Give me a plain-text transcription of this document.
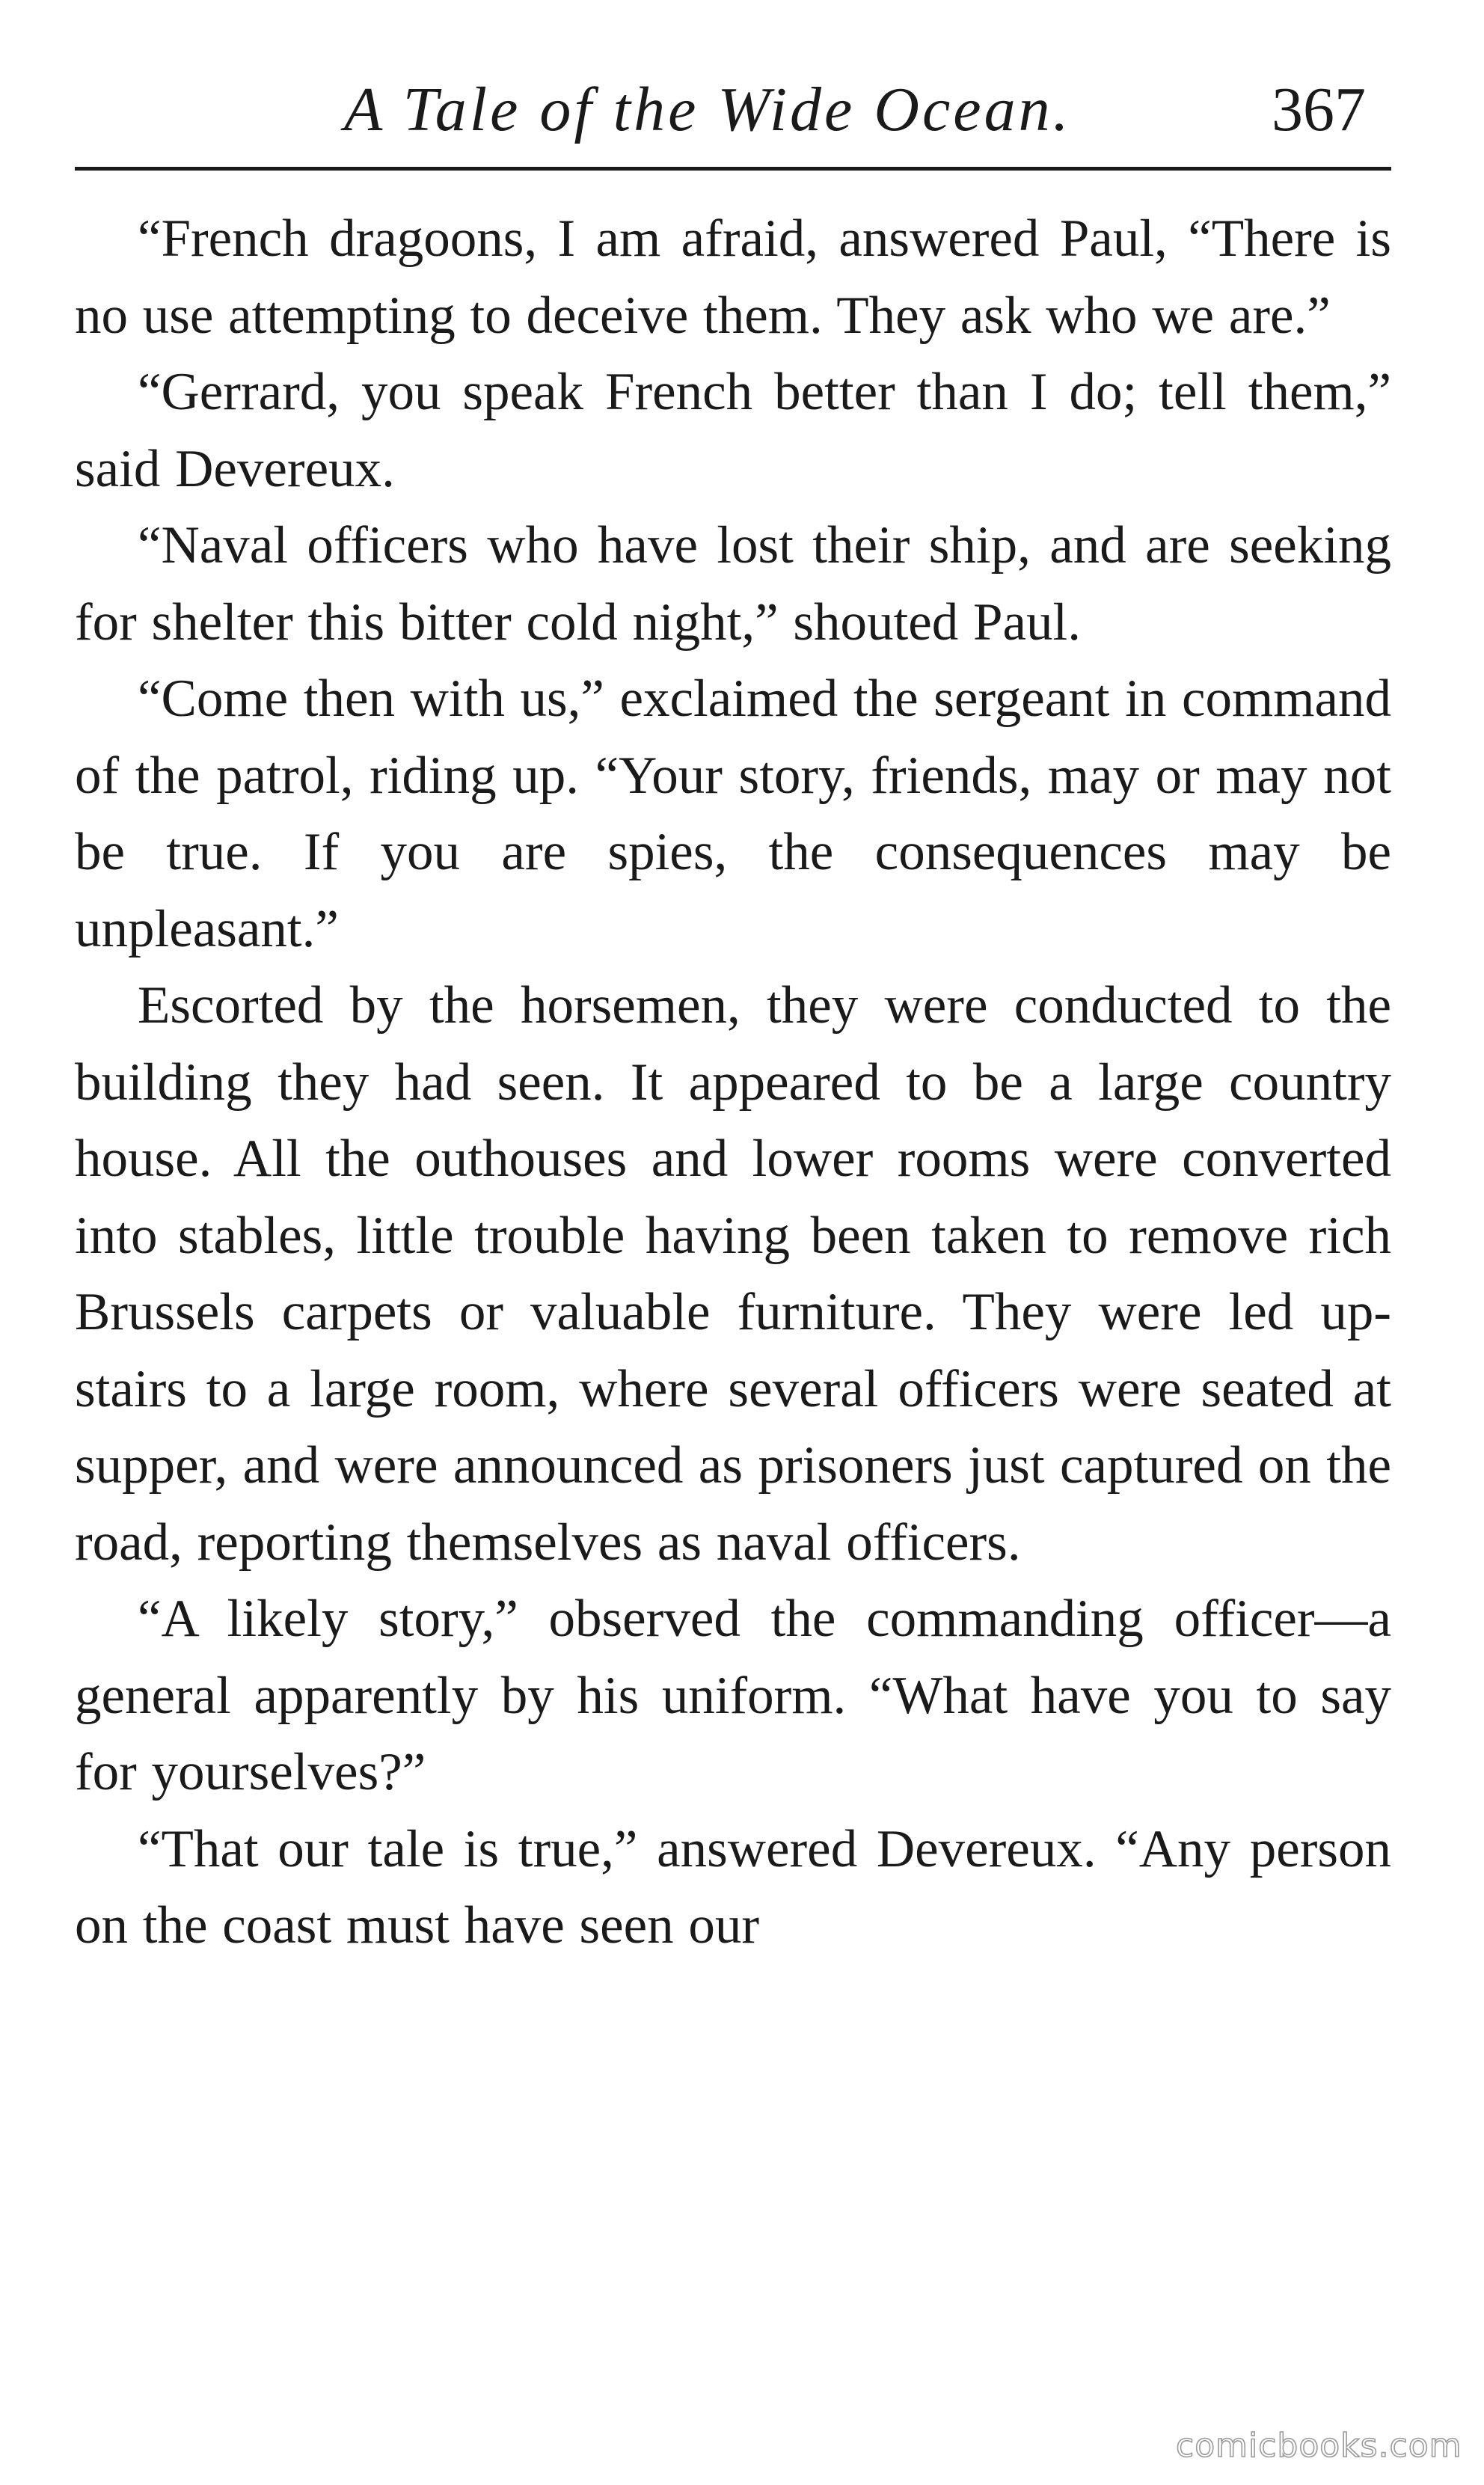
A Tale of the Wide Ocean.	367

“French dragoons, I am afraid, answered Paul, “There is no use attempting to deceive them. They ask who we are.”

“Gerrard, you speak French better than I do; tell them,” said Devereux.

“Naval officers who have lost their ship, and are seeking for shelter this bitter cold night,” shouted Paul.

“Come then with us,” exclaimed the sergeant in command of the patrol, riding up. “Your story, friends, may or may not be true. If you are spies, the consequences may be unpleasant.”

Escorted by the horsemen, they were conducted to the building they had seen. It appeared to be a large country house. All the outhouses and lower rooms were converted into stables, little trouble having been taken to remove rich Brussels carpets or valuable furniture. They were led up-stairs to a large room, where several officers were seated at supper, and were announced as prisoners just captured on the road, reporting themselves as naval officers.

“A likely story,” observed the commanding officer—a general apparently by his uniform. “What have you to say for yourselves?”

“That our tale is true,” answered Devereux. “Any person on the coast must have seen our

comicbooks.com
